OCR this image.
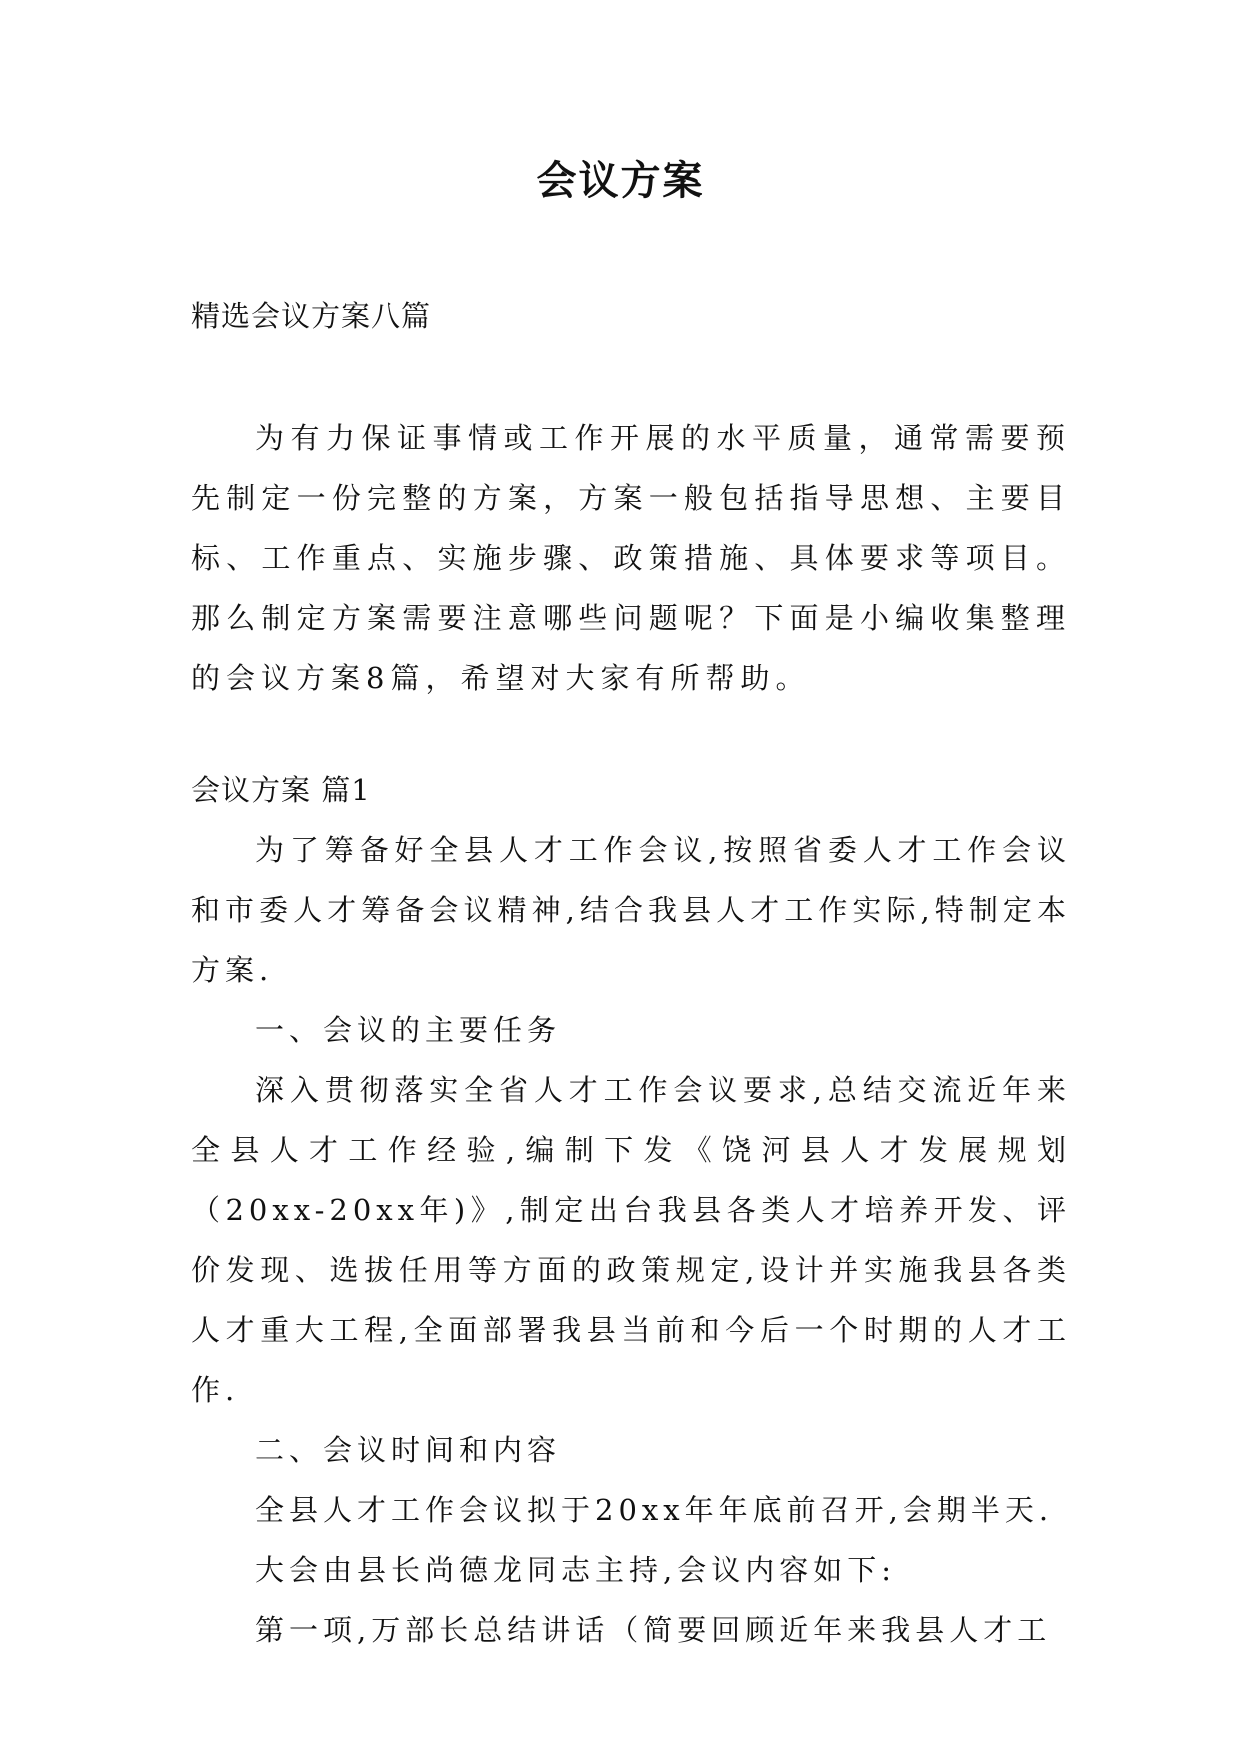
会议方案
精选会议方案八篇

为有力保证事情或工作开展的水平质量，通常需要预先制定一份完整的方案，方案一般包括指导思想、主要目标、工作重点、实施步骤、政策措施、具体要求等项目。那么制定方案需要注意哪些问题呢？下面是小编收集整理的会议方案8篇，希望对大家有所帮助。

会议方案 篇1

为了筹备好全县人才工作会议,按照省委人才工作会议和市委人才筹备会议精神,结合我县人才工作实际,特制定本方案.

一、会议的主要任务

深入贯彻落实全省人才工作会议要求,总结交流近年来全县人才工作经验,编制下发《饶河县人才发展规划（20xx-20xx年)》,制定出台我县各类人才培养开发、评价发现、选拔任用等方面的政策规定,设计并实施我县各类人才重大工程,全面部署我县当前和今后一个时期的人才工作.

二、会议时间和内容

全县人才工作会议拟于20xx年年底前召开,会期半天.

大会由县长尚德龙同志主持,会议内容如下:

第一项,万部长总结讲话（简要回顾近年来我县人才工
